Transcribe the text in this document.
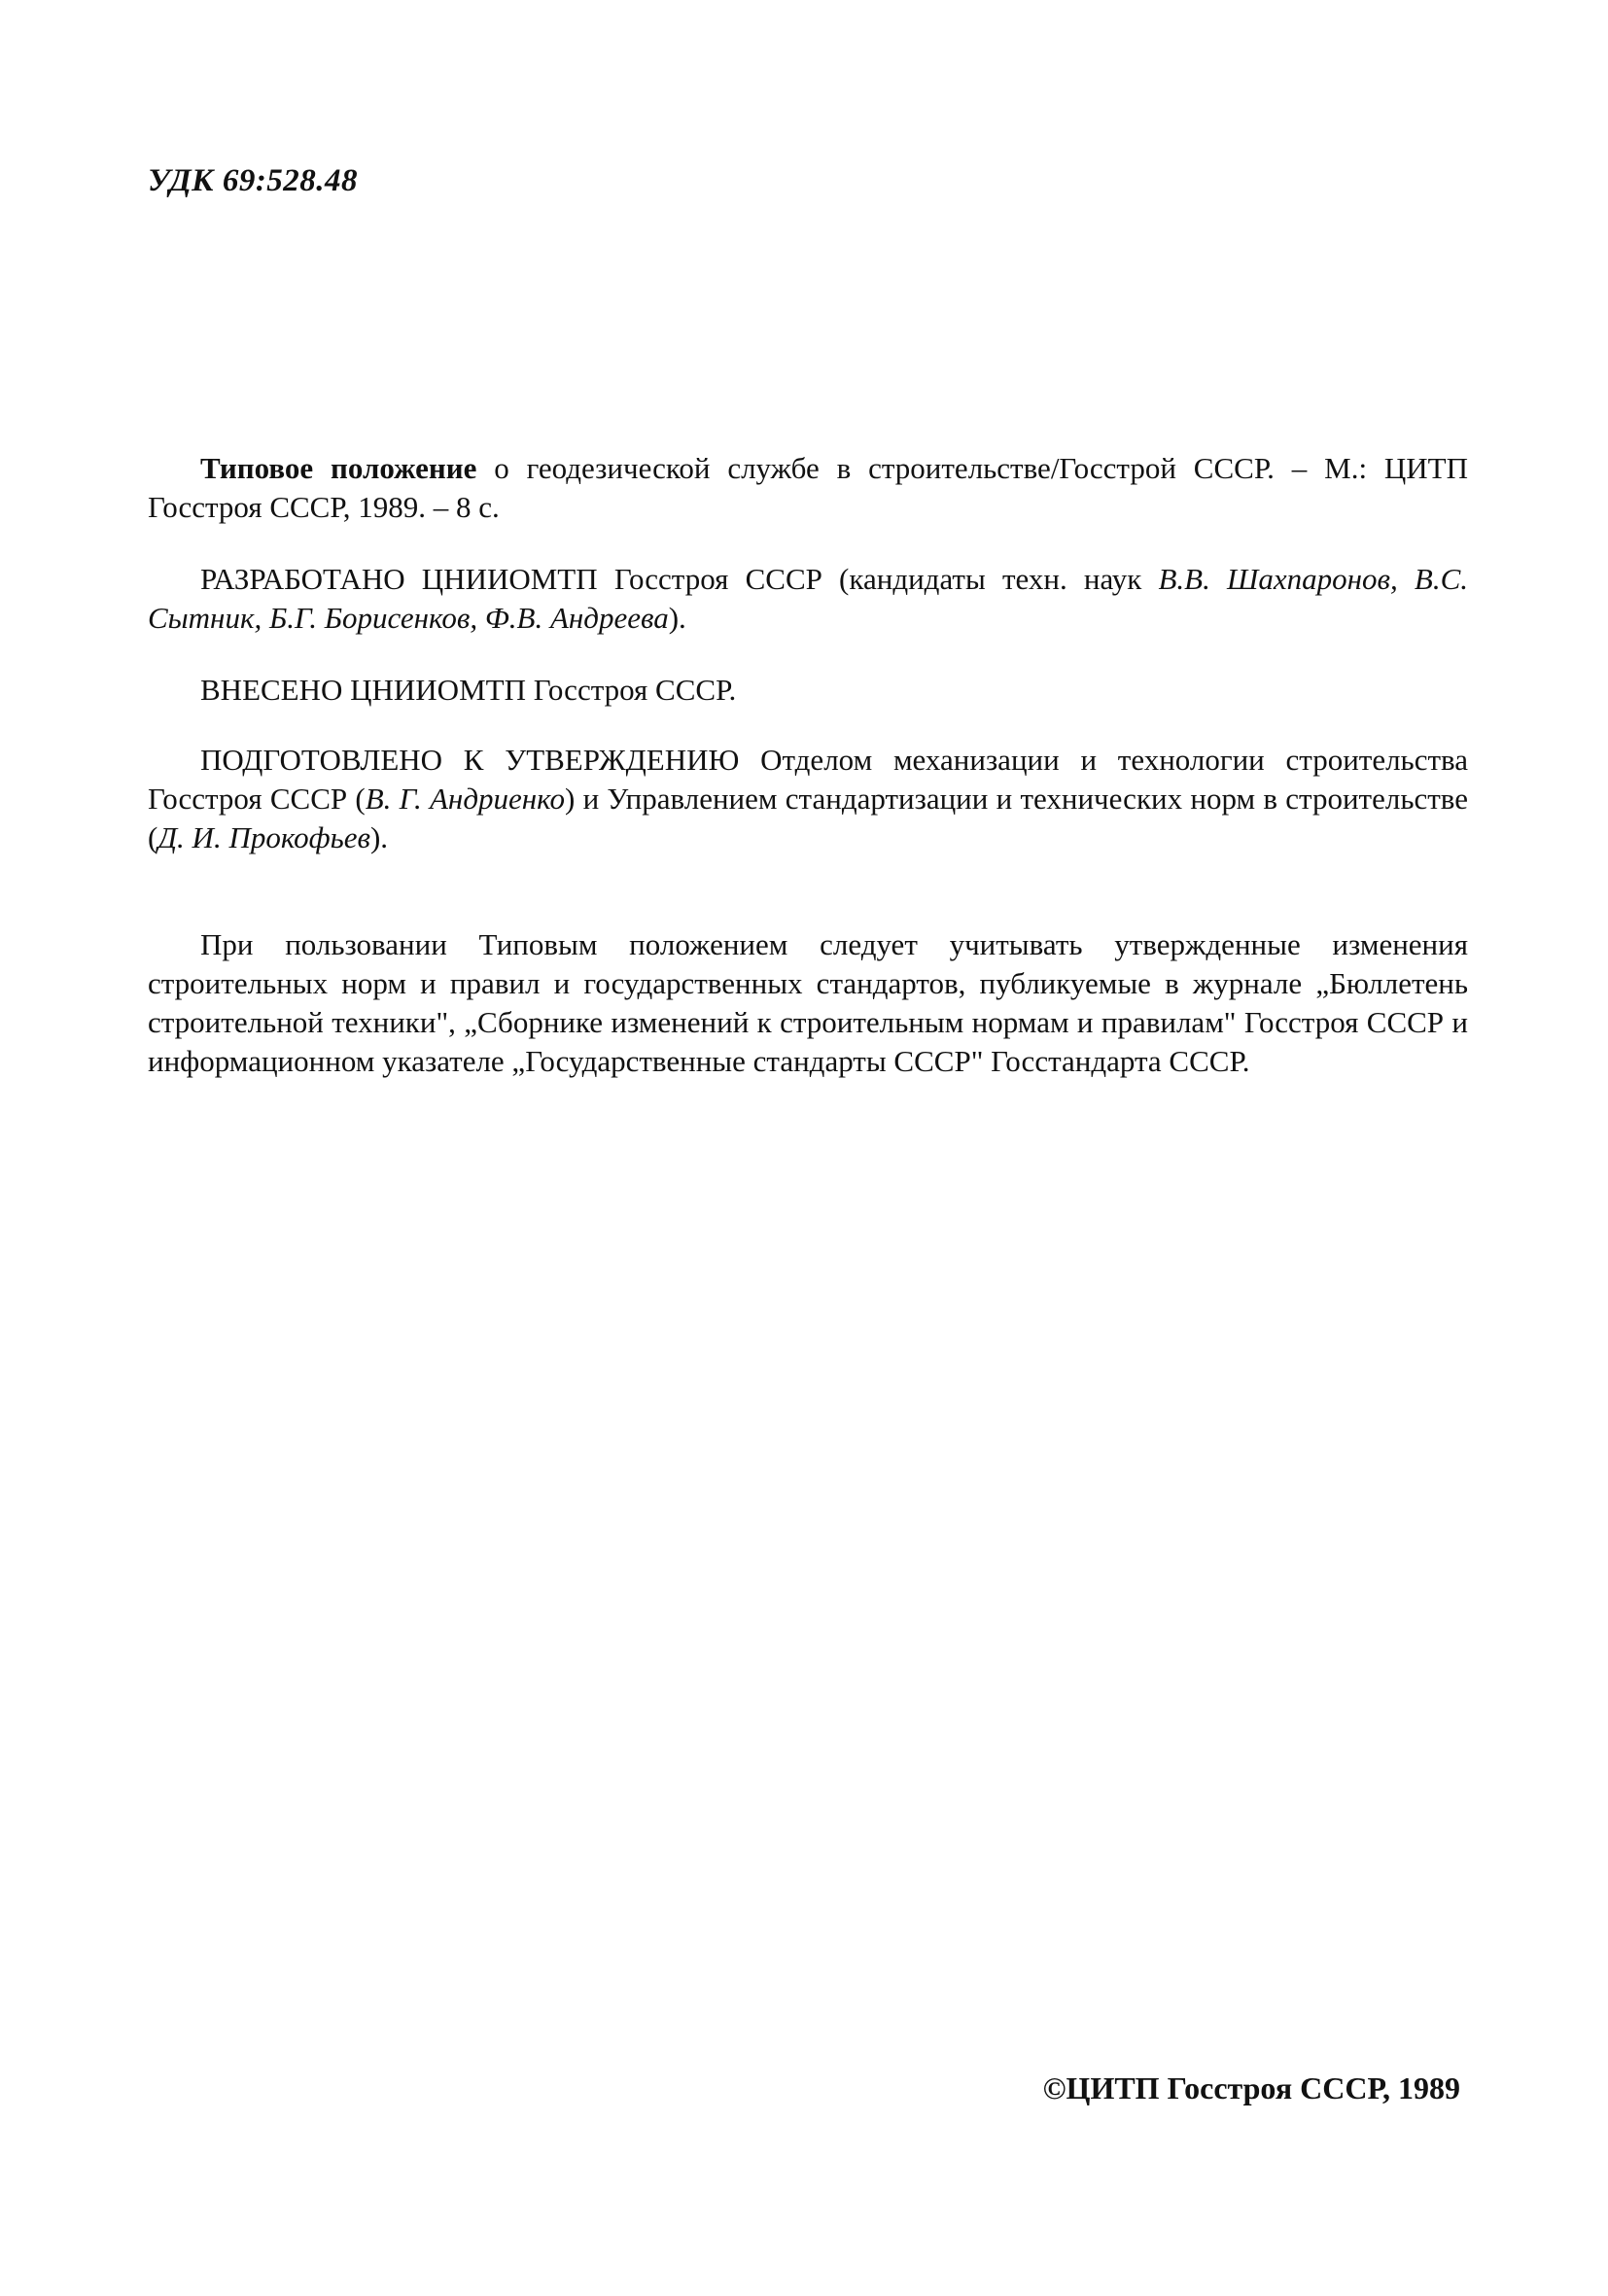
УДК 69:528.48

Типовое положение о геодезической службе в строительстве/Госстрой СССР. – М.: ЦИТП Госстроя СССР, 1989. – 8 с.

РАЗРАБОТАНО ЦНИИОМТП Госстроя СССР (кандидаты техн. наук В.В. Шахпаронов, В.С. Сытник, Б.Г. Борисенков, Ф.В. Андреева).

ВНЕСЕНО ЦНИИОМТП Госстроя СССР.

ПОДГОТОВЛЕНО К УТВЕРЖДЕНИЮ Отделом механизации и технологии строительства Госстроя СССР (В. Г. Андриенко) и Управлением стандартизации и технических норм в строительстве (Д. И. Прокофьев).

При пользовании Типовым положением следует учитывать утвержденные изменения строительных норм и правил и государственных стандартов, публикуемые в журнале „Бюллетень строительной техники", „Сборнике изменений к строительным нормам и правилам" Госстроя СССР и информационном указателе „Государственные стандарты СССР" Госстандарта СССР.

©ЦИТП Госстроя СССР, 1989
